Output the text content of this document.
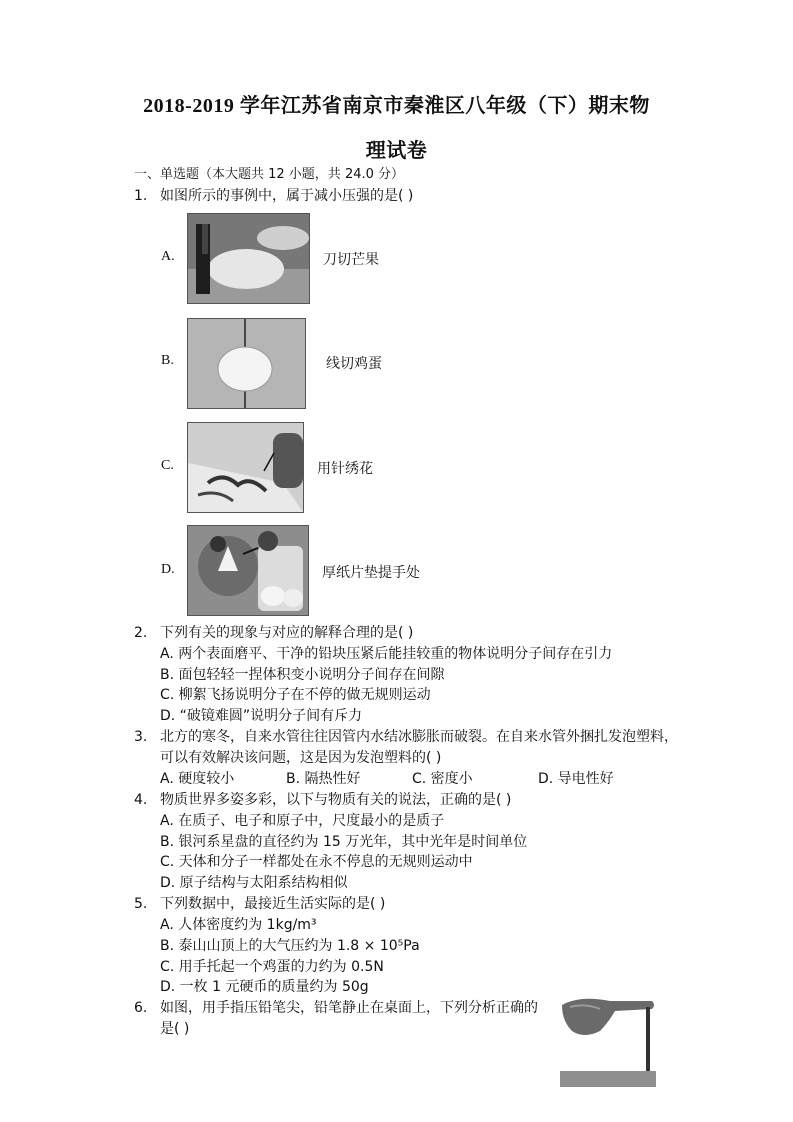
2018-2019 学年江苏省南京市秦淮区八年级（下）期末物
理试卷
一、单选题（本大题共 12 小题，共 24.0 分）
1. 如图所示的事例中，属于减小压强的是( )
A.	刀切芒果
B.	线切鸡蛋
C.	用针绣花
D.	厚纸片垫提手处
2. 下列有关的现象与对应的解释合理的是( )
A. 两个表面磨平、干净的铅块压紧后能挂较重的物体说明分子间存在引力
B. 面包轻轻一捏体积变小说明分子间存在间隙
C. 柳絮飞扬说明分子在不停的做无规则运动
D. “破镜难圆”说明分子间有斥力
3. 北方的寒冬，自来水管往往因管内水结冰膨胀而破裂。在自来水管外捆扎发泡塑料，
可以有效解决该问题，这是因为发泡塑料的( )
A. 硬度较小	B. 隔热性好	C. 密度小	D. 导电性好
4. 物质世界多姿多彩，以下与物质有关的说法，正确的是( )
A. 在质子、电子和原子中，尺度最小的是质子
B. 银河系星盘的直径约为 15 万光年，其中光年是时间单位
C. 天体和分子一样都处在永不停息的无规则运动中
D. 原子结构与太阳系结构相似
5. 下列数据中，最接近生活实际的是( )
A. 人体密度约为 1kg/m³
B. 泰山山顶上的大气压约为 1.8 × 10⁵Pa
C. 用手托起一个鸡蛋的力约为 0.5N
D. 一枚 1 元硬币的质量约为 50g
6. 如图，用手指压铅笔尖，铅笔静止在桌面上，下列分析正确的
是( )
